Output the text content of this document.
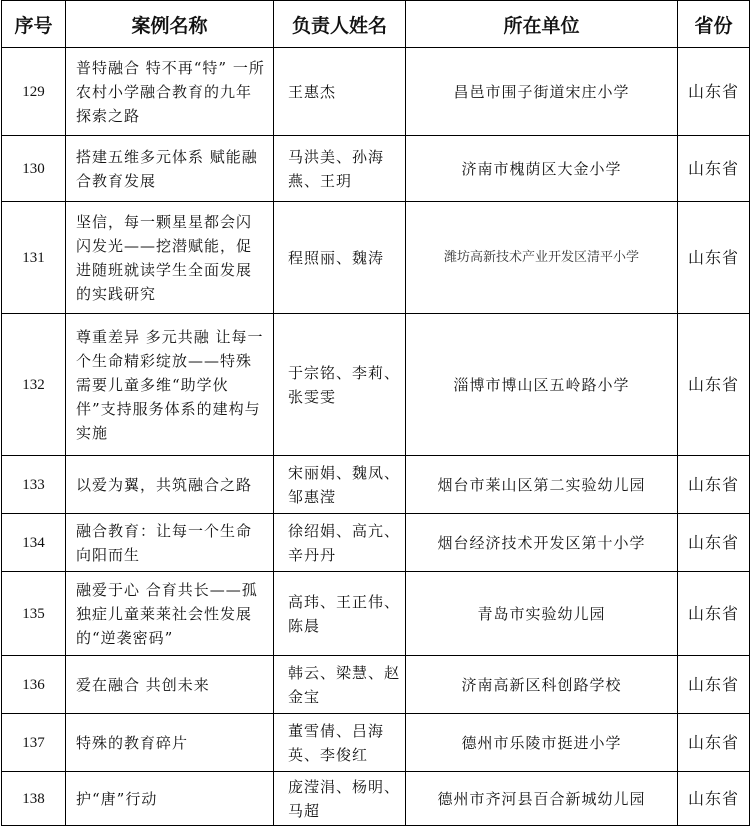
序号	案例名称	负责人姓名	所在单位	省份
129	普特融合 特不再“特” 一所农村小学融合教育的九年探索之路	王惠杰	昌邑市围子街道宋庄小学	山东省
130	搭建五维多元体系 赋能融合教育发展	马洪美、孙海燕、王玥	济南市槐荫区大金小学	山东省
131	坚信，每一颗星星都会闪闪发光——挖潜赋能，促进随班就读学生全面发展的实践研究	程照丽、魏涛	潍坊高新技术产业开发区清平小学	山东省
132	尊重差异 多元共融 让每一个生命精彩绽放——特殊需要儿童多维“助学伙伴”支持服务体系的建构与实施	于宗铭、李莉、张雯雯	淄博市博山区五岭路小学	山东省
133	以爱为翼，共筑融合之路	宋丽娟、魏凤、邹惠滢	烟台市莱山区第二实验幼儿园	山东省
134	融合教育：让每一个生命向阳而生	徐绍娟、高亢、辛丹丹	烟台经济技术开发区第十小学	山东省
135	融爱于心 合育共长——孤独症儿童莱莱社会性发展的“逆袭密码”	高玮、王正伟、陈晨	青岛市实验幼儿园	山东省
136	爱在融合 共创未来	韩云、梁慧、赵金宝	济南高新区科创路学校	山东省
137	特殊的教育碎片	董雪倩、吕海英、李俊红	德州市乐陵市挺进小学	山东省
138	护“唐”行动	庞滢涓、杨明、马超	德州市齐河县百合新城幼儿园	山东省
